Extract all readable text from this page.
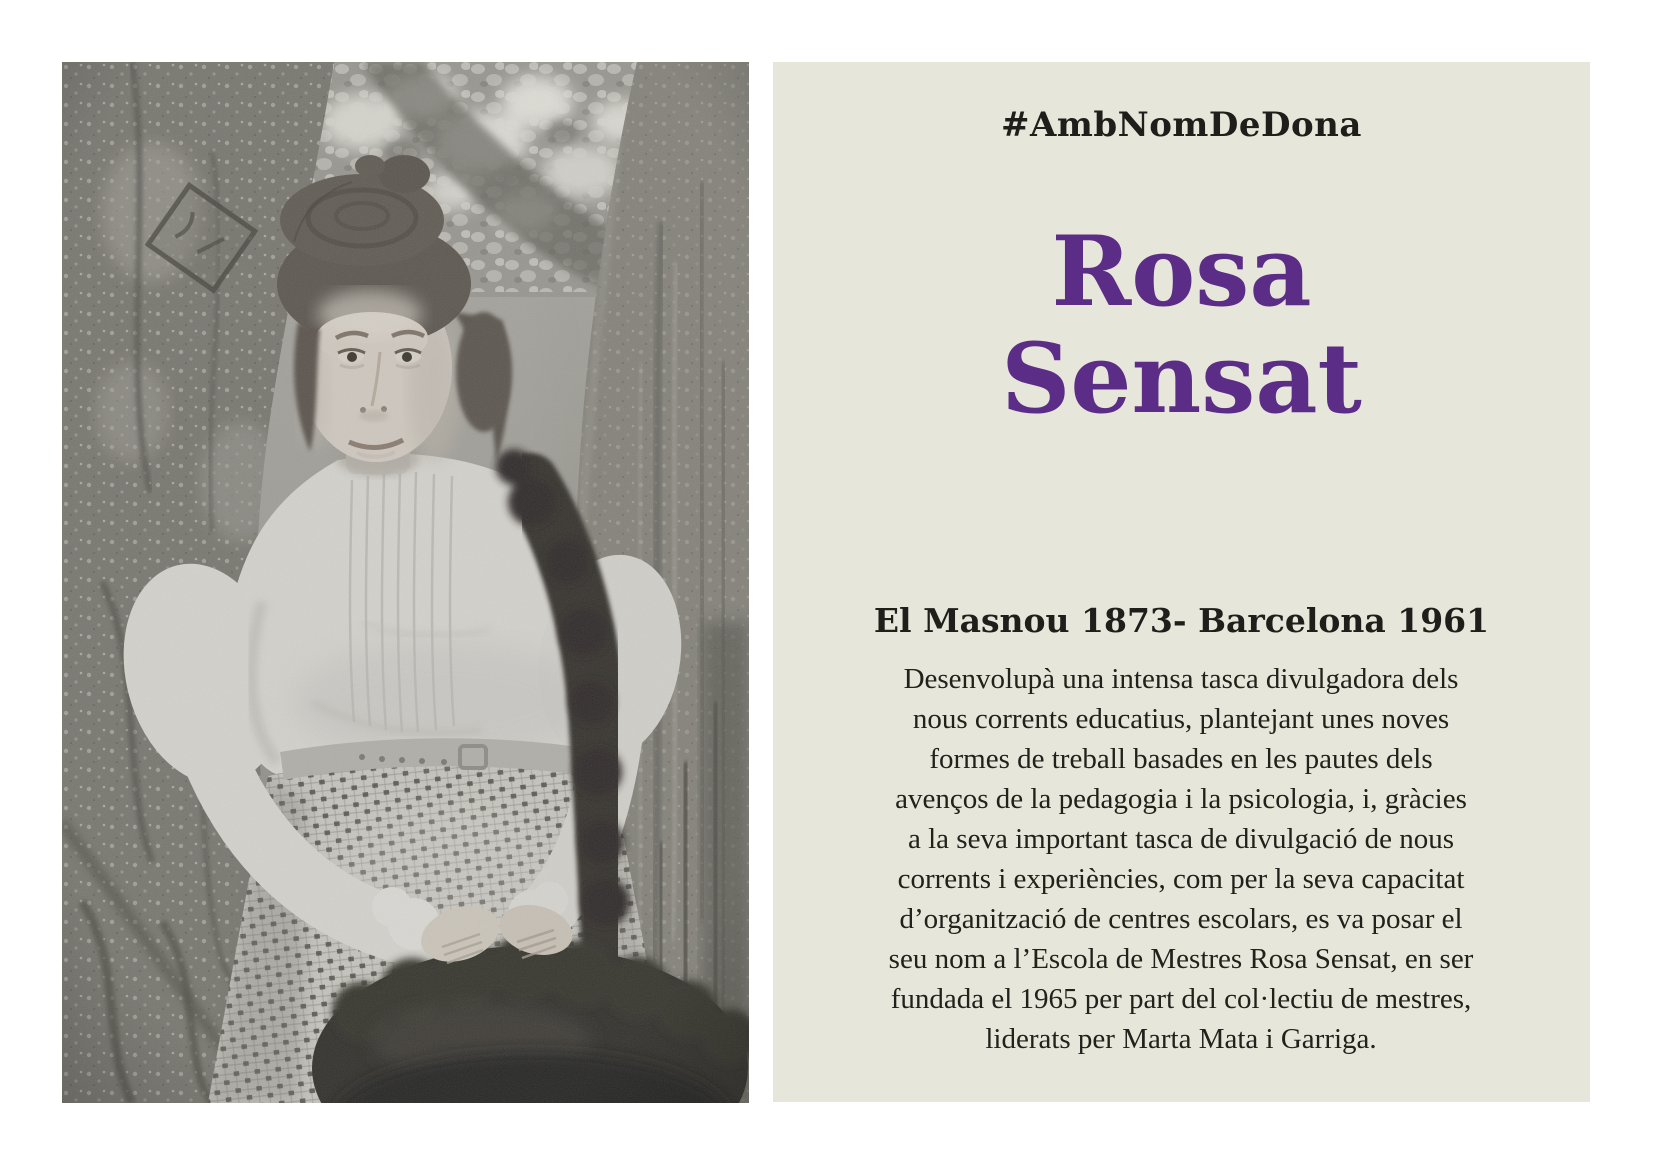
#AmbNomDeDona
Rosa
Sensat
El Masnou 1873- Barcelona 1961

Desenvolupà una intensa tasca divulgadora dels
nous corrents educatius, plantejant unes noves
formes de treball basades en les pautes dels
avenços de la pedagogia i la psicologia, i, gràcies
a la seva important tasca de divulgació de nous
corrents i experiències, com per la seva capacitat
d’organització de centres escolars, es va posar el
seu nom a l’Escola de Mestres Rosa Sensat, en ser
fundada el 1965 per part del col·lectiu de mestres,
liderats per Marta Mata i Garriga.
